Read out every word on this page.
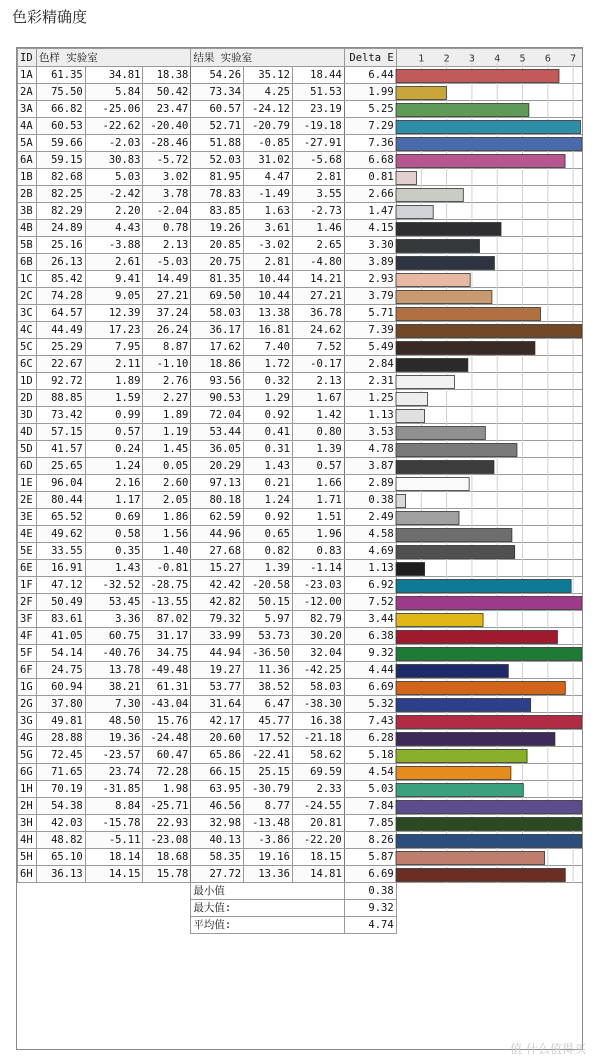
色彩精确度
ID	色样 实验室			结果 实验室			Delta E	
1A	61.35	34.81	18.38	54.26	35.12	18.44	6.44	
2A	75.50	5.84	50.42	73.34	4.25	51.53	1.99	
3A	66.82	-25.06	23.47	60.57	-24.12	23.19	5.25	
4A	60.53	-22.62	-20.40	52.71	-20.79	-19.18	7.29	
5A	59.66	-2.03	-28.46	51.88	-0.85	-27.91	7.36	
6A	59.15	30.83	-5.72	52.03	31.02	-5.68	6.68	
1B	82.68	5.03	3.02	81.95	4.47	2.81	0.81	
2B	82.25	-2.42	3.78	78.83	-1.49	3.55	2.66	
3B	82.29	2.20	-2.04	83.85	1.63	-2.73	1.47	
4B	24.89	4.43	0.78	19.26	3.61	1.46	4.15	
5B	25.16	-3.88	2.13	20.85	-3.02	2.65	3.30	
6B	26.13	2.61	-5.03	20.75	2.81	-4.80	3.89	
1C	85.42	9.41	14.49	81.35	10.44	14.21	2.93	
2C	74.28	9.05	27.21	69.50	10.44	27.21	3.79	
3C	64.57	12.39	37.24	58.03	13.38	36.78	5.71	
4C	44.49	17.23	26.24	36.17	16.81	24.62	7.39	
5C	25.29	7.95	8.87	17.62	7.40	7.52	5.49	
6C	22.67	2.11	-1.10	18.86	1.72	-0.17	2.84	
1D	92.72	1.89	2.76	93.56	0.32	2.13	2.31	
2D	88.85	1.59	2.27	90.53	1.29	1.67	1.25	
3D	73.42	0.99	1.89	72.04	0.92	1.42	1.13	
4D	57.15	0.57	1.19	53.44	0.41	0.80	3.53	
5D	41.57	0.24	1.45	36.05	0.31	1.39	4.78	
6D	25.65	1.24	0.05	20.29	1.43	0.57	3.87	
1E	96.04	2.16	2.60	97.13	0.21	1.66	2.89	
2E	80.44	1.17	2.05	80.18	1.24	1.71	0.38	
3E	65.52	0.69	1.86	62.59	0.92	1.51	2.49	
4E	49.62	0.58	1.56	44.96	0.65	1.96	4.58	
5E	33.55	0.35	1.40	27.68	0.82	0.83	4.69	
6E	16.91	1.43	-0.81	15.27	1.39	-1.14	1.13	
1F	47.12	-32.52	-28.75	42.42	-20.58	-23.03	6.92	
2F	50.49	53.45	-13.55	42.82	50.15	-12.00	7.52	
3F	83.61	3.36	87.02	79.32	5.97	82.79	3.44	
4F	41.05	60.75	31.17	33.99	53.73	30.20	6.38	
5F	54.14	-40.76	34.75	44.94	-36.50	32.04	9.32	
6F	24.75	13.78	-49.48	19.27	11.36	-42.25	4.44	
1G	60.94	38.21	61.31	53.77	38.52	58.03	6.69	
2G	37.80	7.30	-43.04	31.64	6.47	-38.30	5.32	
3G	49.81	48.50	15.76	42.17	45.77	16.38	7.43	
4G	28.88	19.36	-24.48	20.60	17.52	-21.18	6.28	
5G	72.45	-23.57	60.47	65.86	-22.41	58.62	5.18	
6G	71.65	23.74	72.28	66.15	25.15	69.59	4.54	
1H	70.19	-31.85	1.98	63.95	-30.79	2.33	5.03	
2H	54.38	8.84	-25.71	46.56	8.77	-24.55	7.84	
3H	42.03	-15.78	22.93	32.98	-13.48	20.81	7.85	
4H	48.82	-5.11	-23.08	40.13	-3.86	-22.20	8.26	
5H	65.10	18.14	18.68	58.35	19.16	18.15	5.87	
6H	36.13	14.15	15.78	27.72	13.36	14.81	6.69	
				最小值			0.38	
				最大值:			9.32	
				平均值:			4.74	
1 2 3 4 5 6 7
值 什么值得买
